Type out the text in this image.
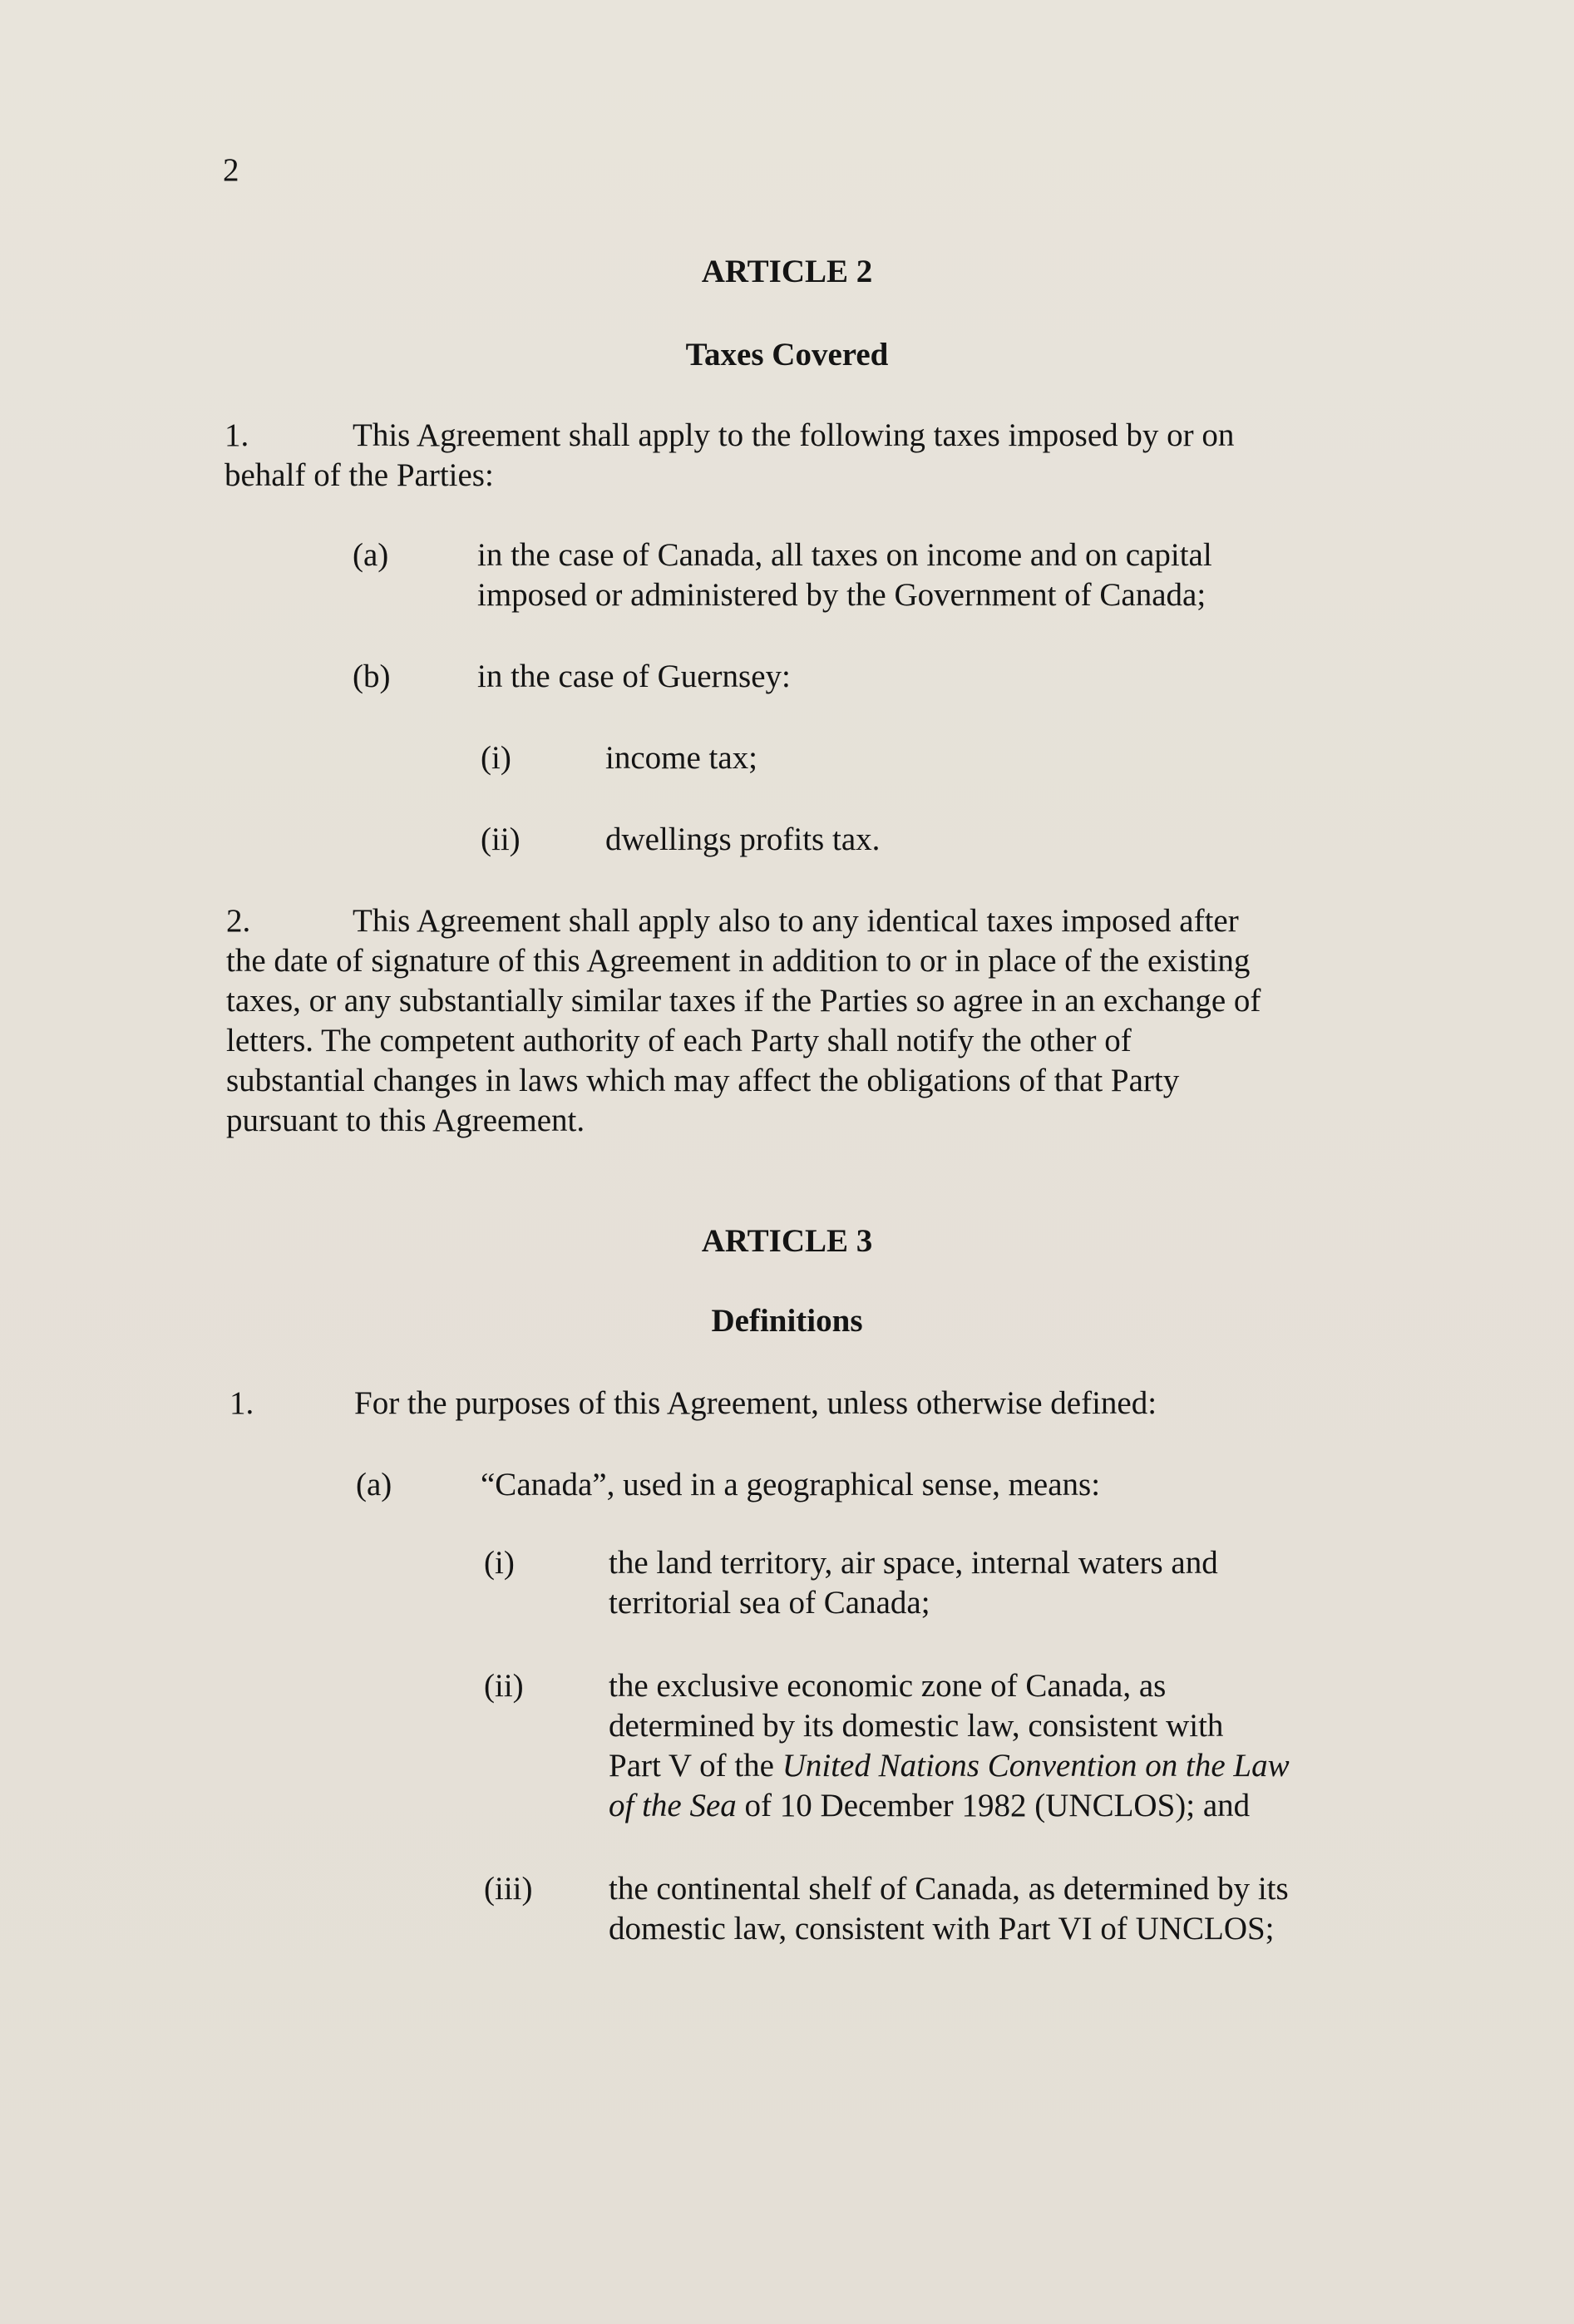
2
ARTICLE 2
Taxes Covered
1.	This Agreement shall apply to the following taxes imposed by or on
behalf of the Parties:
(a)	in the case of Canada, all taxes on income and on capital
imposed or administered by the Government of Canada;
(b)	in the case of Guernsey:
(i)	income tax;
(ii)	dwellings profits tax.
2.	This Agreement shall apply also to any identical taxes imposed after
the date of signature of this Agreement in addition to or in place of the existing
taxes, or any substantially similar taxes if the Parties so agree in an exchange of
letters. The competent authority of each Party shall notify the other of
substantial changes in laws which may affect the obligations of that Party
pursuant to this Agreement.
ARTICLE 3
Definitions
1.	For the purposes of this Agreement, unless otherwise defined:
(a)	“Canada”, used in a geographical sense, means:
(i)	the land territory, air space, internal waters and
territorial sea of Canada;
(ii)	the exclusive economic zone of Canada, as
determined by its domestic law, consistent with
Part V of the United Nations Convention on the Law
of the Sea of 10 December 1982 (UNCLOS); and
(iii) the continental shelf of Canada, as determined by its
domestic law, consistent with Part VI of UNCLOS;
